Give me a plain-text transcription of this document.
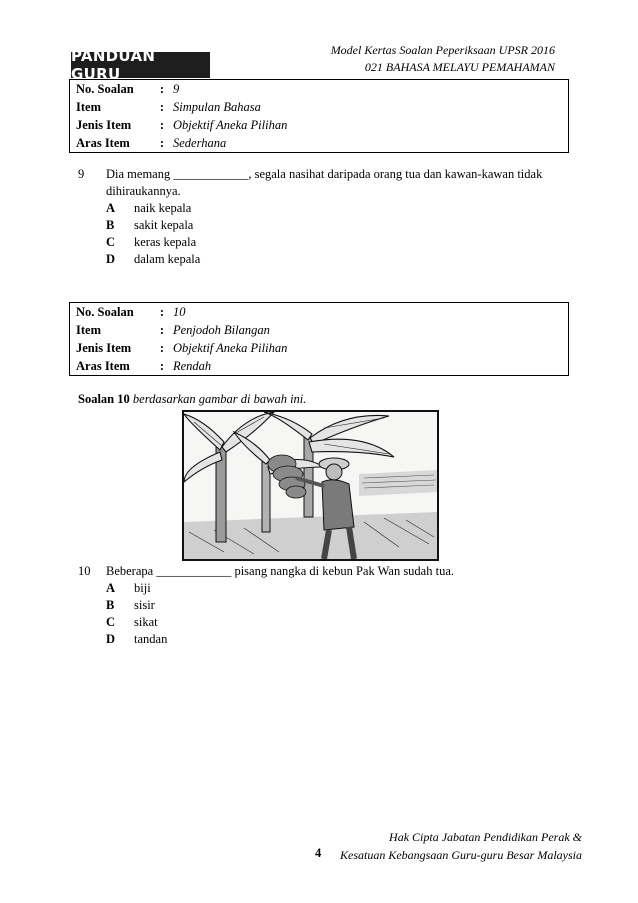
PANDUAN GURU
Model Kertas Soalan Peperiksaan UPSR 2016
021 BAHASA MELAYU PEMAHAMAN
No. Soalan	: 9
Item	: Simpulan Bahasa
Jenis Item	: Objektif Aneka Pilihan
Aras Item	: Sederhana
9	Dia memang ____________, segala nasihat daripada orang tua dan kawan-kawan tidak
dihiraukannya.
A	naik kepala
B	sakit kepala
C	keras kepala
D	dalam kepala
No. Soalan	: 10
Item	: Penjodoh Bilangan
Jenis Item	: Objektif Aneka Pilihan
Aras Item	: Rendah
Soalan 10 berdasarkan gambar di bawah ini.
10	Beberapa ____________ pisang nangka di kebun Pak Wan sudah tua.
A	biji
B	sisir
C	sikat
D	tandan
Hak Cipta Jabatan Pendidikan Perak &
Kesatuan Kebangsaan Guru-guru Besar Malaysia
4
